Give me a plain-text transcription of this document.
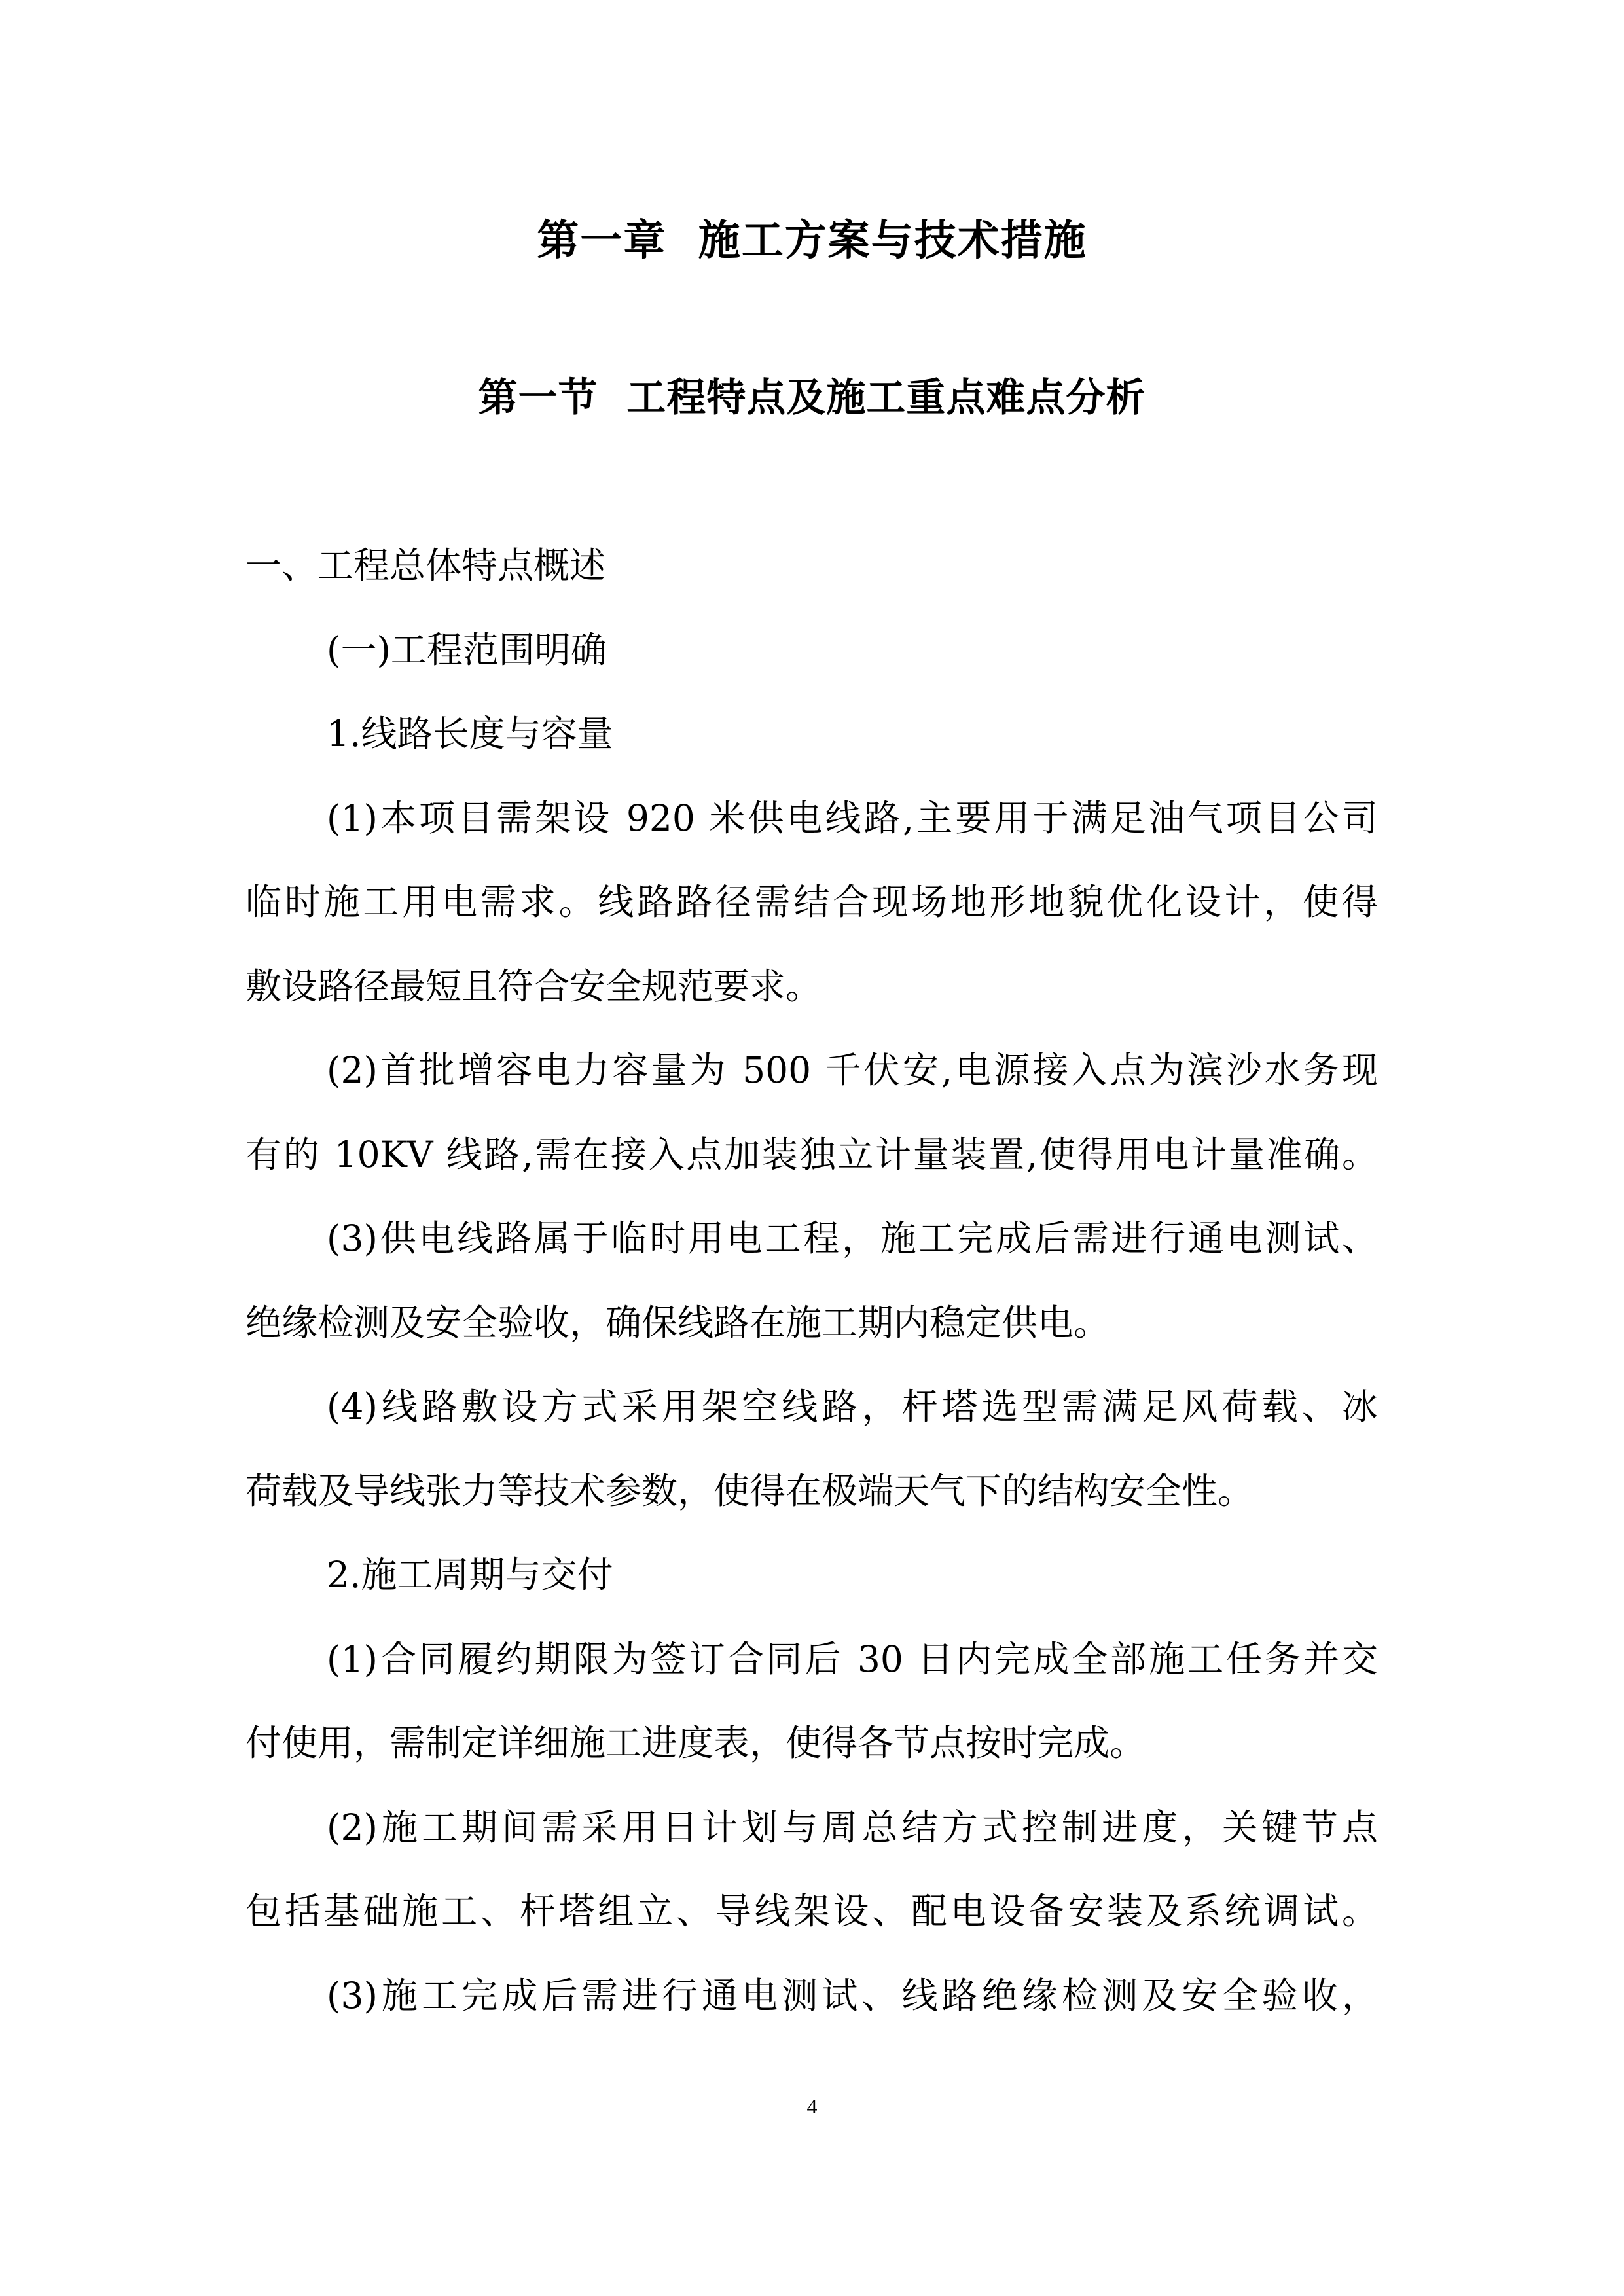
第一章  施工方案与技术措施
第一节  工程特点及施工重点难点分析
一、工程总体特点概述
(一)工程范围明确
1.线路长度与容量
(1)本项目需架设 920 米供电线路,主要用于满足油气项目公司
临时施工用电需求。线路路径需结合现场地形地貌优化设计，使得
敷设路径最短且符合安全规范要求。
(2)首批增容电力容量为 500 千伏安,电源接入点为滨沙水务现
有的 10KV 线路,需在接入点加装独立计量装置,使得用电计量准确。
(3)供电线路属于临时用电工程，施工完成后需进行通电测试、
绝缘检测及安全验收，确保线路在施工期内稳定供电。
(4)线路敷设方式采用架空线路，杆塔选型需满足风荷载、冰
荷载及导线张力等技术参数，使得在极端天气下的结构安全性。
2.施工周期与交付
(1)合同履约期限为签订合同后 30 日内完成全部施工任务并交
付使用，需制定详细施工进度表，使得各节点按时完成。
(2)施工期间需采用日计划与周总结方式控制进度，关键节点
包括基础施工、杆塔组立、导线架设、配电设备安装及系统调试。
(3)施工完成后需进行通电测试、线路绝缘检测及安全验收，
4
